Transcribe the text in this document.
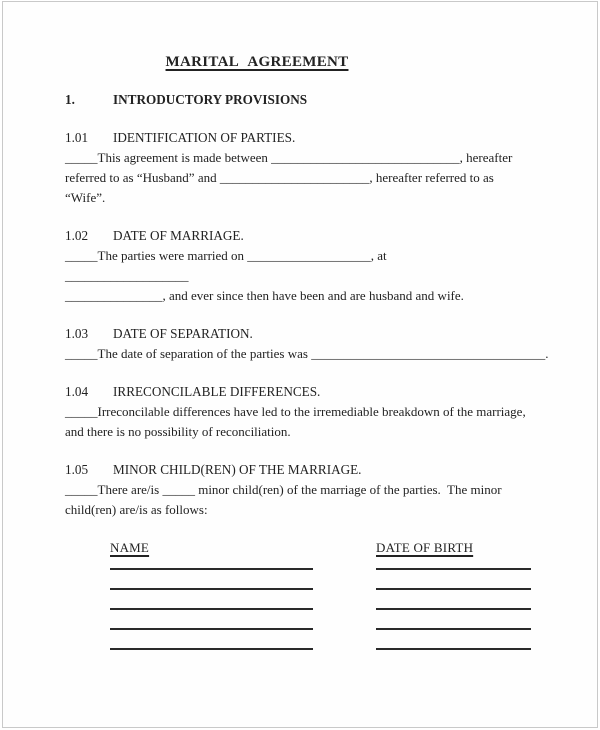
MARITAL AGREEMENT
1.	INTRODUCTORY PROVISIONS
1.01 IDENTIFICATION OF PARTIES.
_____This agreement is made between _____________________________, hereafter
referred to as “Husband” and _______________________, hereafter referred to as
“Wife”.
1.02 DATE OF MARRIAGE.
_____The parties were married on ___________________, at
___________________
_______________, and ever since then have been and are husband and wife.
1.03 DATE OF SEPARATION.
_____The date of separation of the parties was ____________________________________.
1.04 IRRECONCILABLE DIFFERENCES.
_____Irreconcilable differences have led to the irremediable breakdown of the marriage,
and there is no possibility of reconciliation.
1.05 MINOR CHILD(REN) OF THE MARRIAGE.
_____There are/is _____ minor child(ren) of the marriage of the parties.  The minor
child(ren) are/is as follows:
NAME	DATE OF BIRTH
